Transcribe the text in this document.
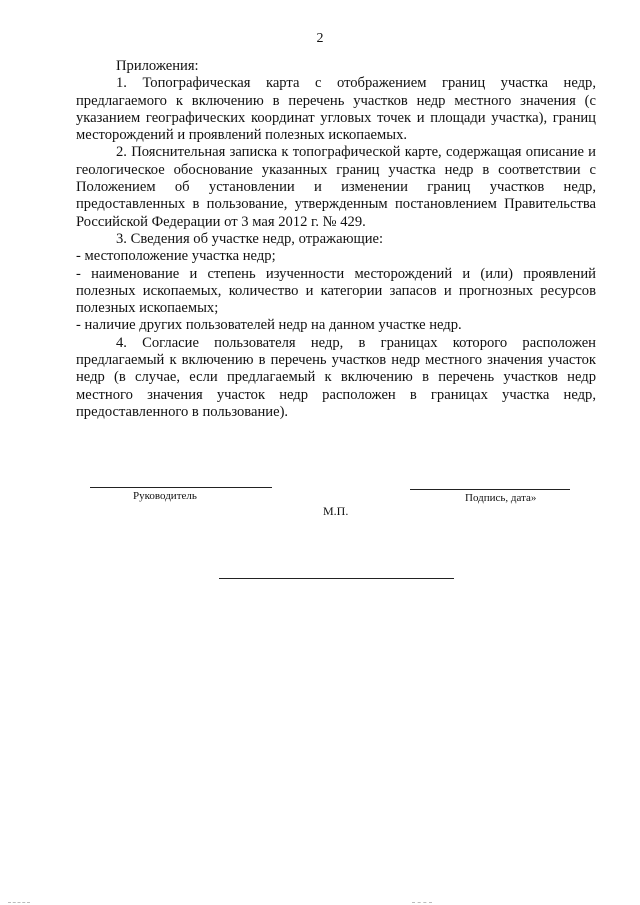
2

Приложения:

1. Топографическая карта с отображением границ участка недр, предлагаемого к включению в перечень участков недр местного значения (с указанием географических координат угловых точек и площади участка), границ месторождений и проявлений полезных ископаемых.

2. Пояснительная записка к топографической карте, содержащая описание и геологическое обоснование указанных границ участка недр в соответствии с Положением об установлении и изменении границ участков недр, предоставленных в пользование, утвержденным постановлением Правительства Российской Федерации от 3 мая 2012 г. № 429.

3. Сведения об участке недр, отражающие:

- местоположение участка недр;

- наименование и степень изученности месторождений и (или) проявлений полезных ископаемых, количество и категории запасов и прогнозных ресурсов полезных ископаемых;

- наличие других пользователей недр на данном участке недр.

4. Согласие пользователя недр, в границах которого расположен предлагаемый к включению в перечень участков недр местного значения участок недр (в случае, если предлагаемый к включению в перечень участков недр местного значения участок недр расположен в границах участка недр, предоставленного в пользование).

Руководитель	Подпись, дата»
М.П.
